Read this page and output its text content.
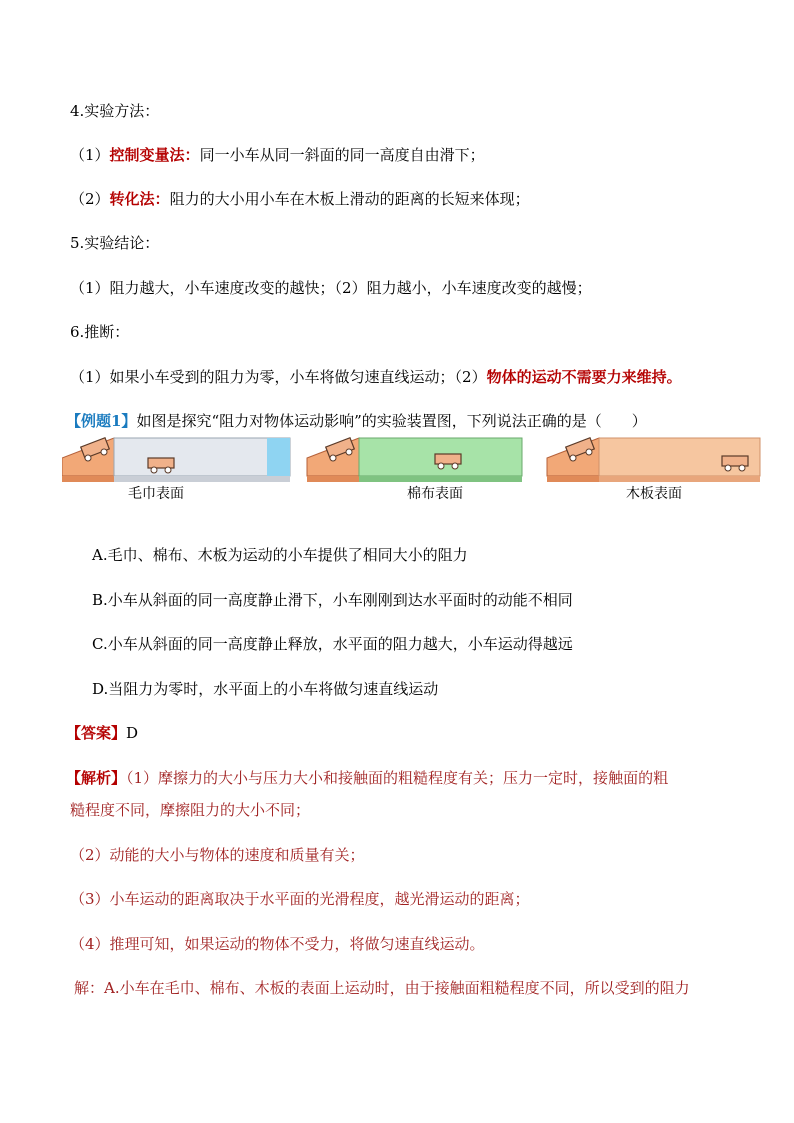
4.实验方法：
（1）控制变量法：同一小车从同一斜面的同一高度自由滑下；
（2）转化法：阻力的大小用小车在木板上滑动的距离的长短来体现；
5.实验结论：
（1）阻力越大，小车速度改变的越快；（2）阻力越小，小车速度改变的越慢；
6.推断：
（1）如果小车受到的阻力为零，小车将做匀速直线运动；（2）物体的运动不需要力来维持。
【例题1】如图是探究“阻力对物体运动影响”的实验装置图，下列说法正确的是（　　）
毛巾表面	棉布表面	木板表面
A.毛巾、棉布、木板为运动的小车提供了相同大小的阻力
B.小车从斜面的同一高度静止滑下，小车刚刚到达水平面时的动能不相同
C.小车从斜面的同一高度静止释放，水平面的阻力越大，小车运动得越远
D.当阻力为零时，水平面上的小车将做匀速直线运动
【答案】D
【解析】（1）摩擦力的大小与压力大小和接触面的粗糙程度有关；压力一定时，接触面的粗
糙程度不同，摩擦阻力的大小不同；
（2）动能的大小与物体的速度和质量有关；
（3）小车运动的距离取决于水平面的光滑程度，越光滑运动的距离；
（4）推理可知，如果运动的物体不受力，将做匀速直线运动。
解：A.小车在毛巾、棉布、木板的表面上运动时，由于接触面粗糙程度不同，所以受到的阻力
